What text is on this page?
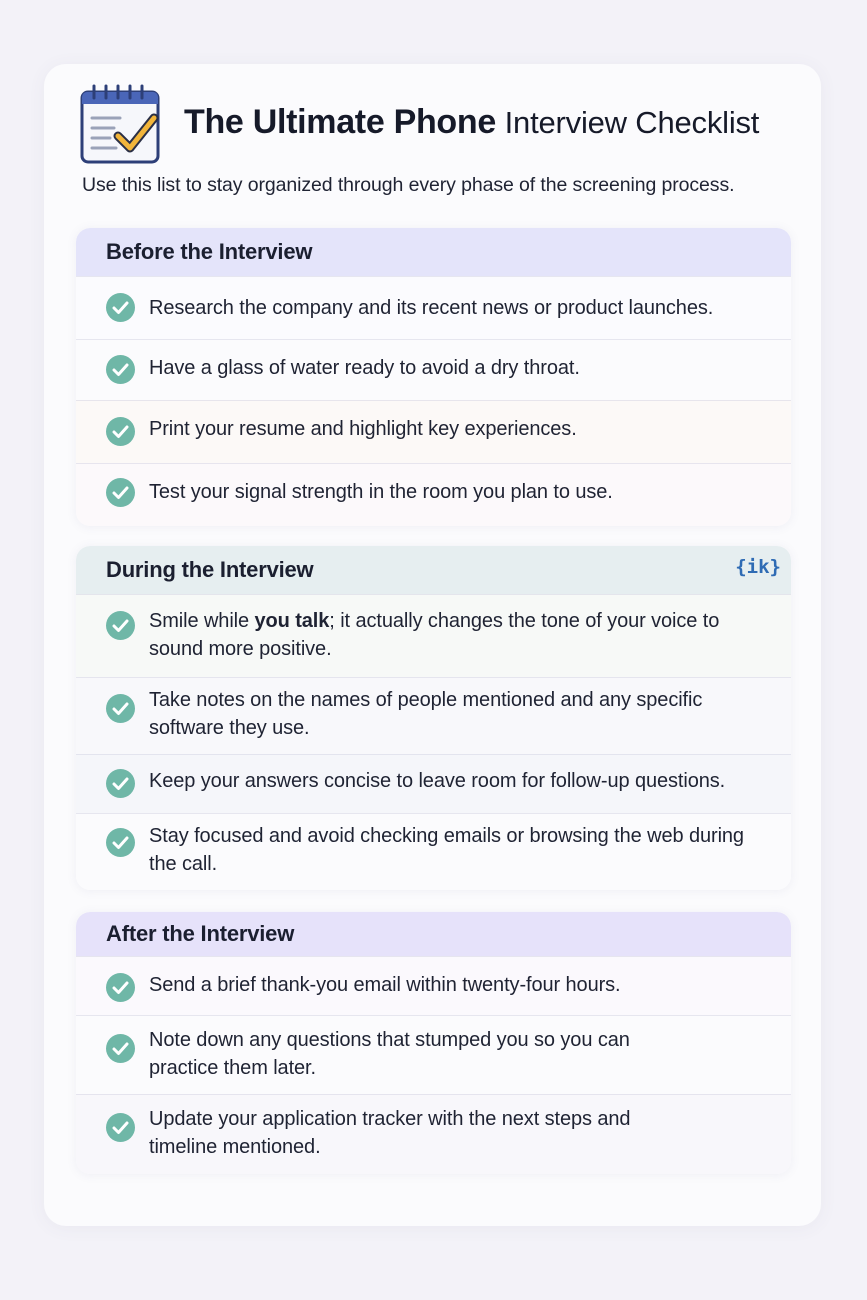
The Ultimate Phone Interview Checklist
Use this list to stay organized through every phase of the screening process.
Before the Interview
Research the company and its recent news or product launches.
Have a glass of water ready to avoid a dry throat.
Print your resume and highlight key experiences.
Test your signal strength in the room you plan to use.
During the Interview	{ik}
Smile while you talk; it actually changes the tone of your voice to sound more positive.
Take notes on the names of people mentioned and any specific software they use.
Keep your answers concise to leave room for follow-up questions.
Stay focused and avoid checking emails or browsing the web during the call.
After the Interview
Send a brief thank-you email within twenty-four hours.
Note down any questions that stumped you so you can practice them later.
Update your application tracker with the next steps and timeline mentioned.
